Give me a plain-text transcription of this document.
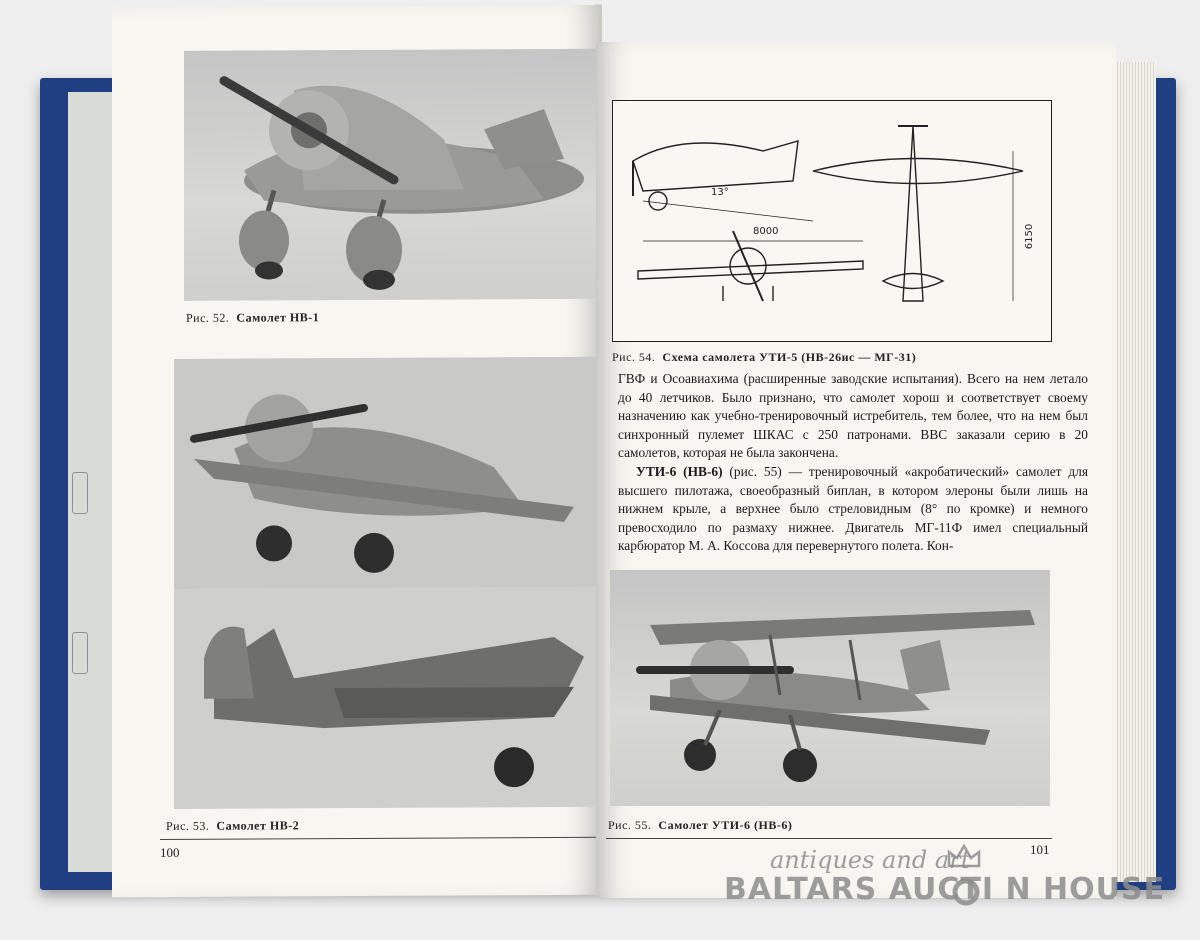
Рис. 52. Самолет НВ-1
Рис. 53. Самолет НВ-2
100
13°
8000	6150
Рис. 54. Схема самолета УТИ-5 (НВ-26ис — МГ-31)

ГВФ и Осоавиахима (расширенные заводские испытания). Всего на нем летало до 40 летчиков. Было признано, что самолет хорош и соответствует своему назначению как учебно-тренировочный истребитель, тем более, что на нем был синхронный пулемет ШКАС с 250 патронами. ВВС заказали серию в 20 самолетов, которая не была закончена.

УТИ-6 (НВ-6) (рис. 55) — тренировочный «акробатический» самолет для высшего пилотажа, своеобразный биплан, в котором элероны были лишь на нижнем крыле, а верхнее было стреловидным (8° по кромке) и немного превосходило по размаху нижнее. Двигатель МГ-11Ф имел специальный карбюратор М. А. Коссова для перевернутого полета. Кон-

Рис. 55. Самолет УТИ-6 (НВ-6)
101
antiques and art
BALTARS AUCTI N HOUSE
